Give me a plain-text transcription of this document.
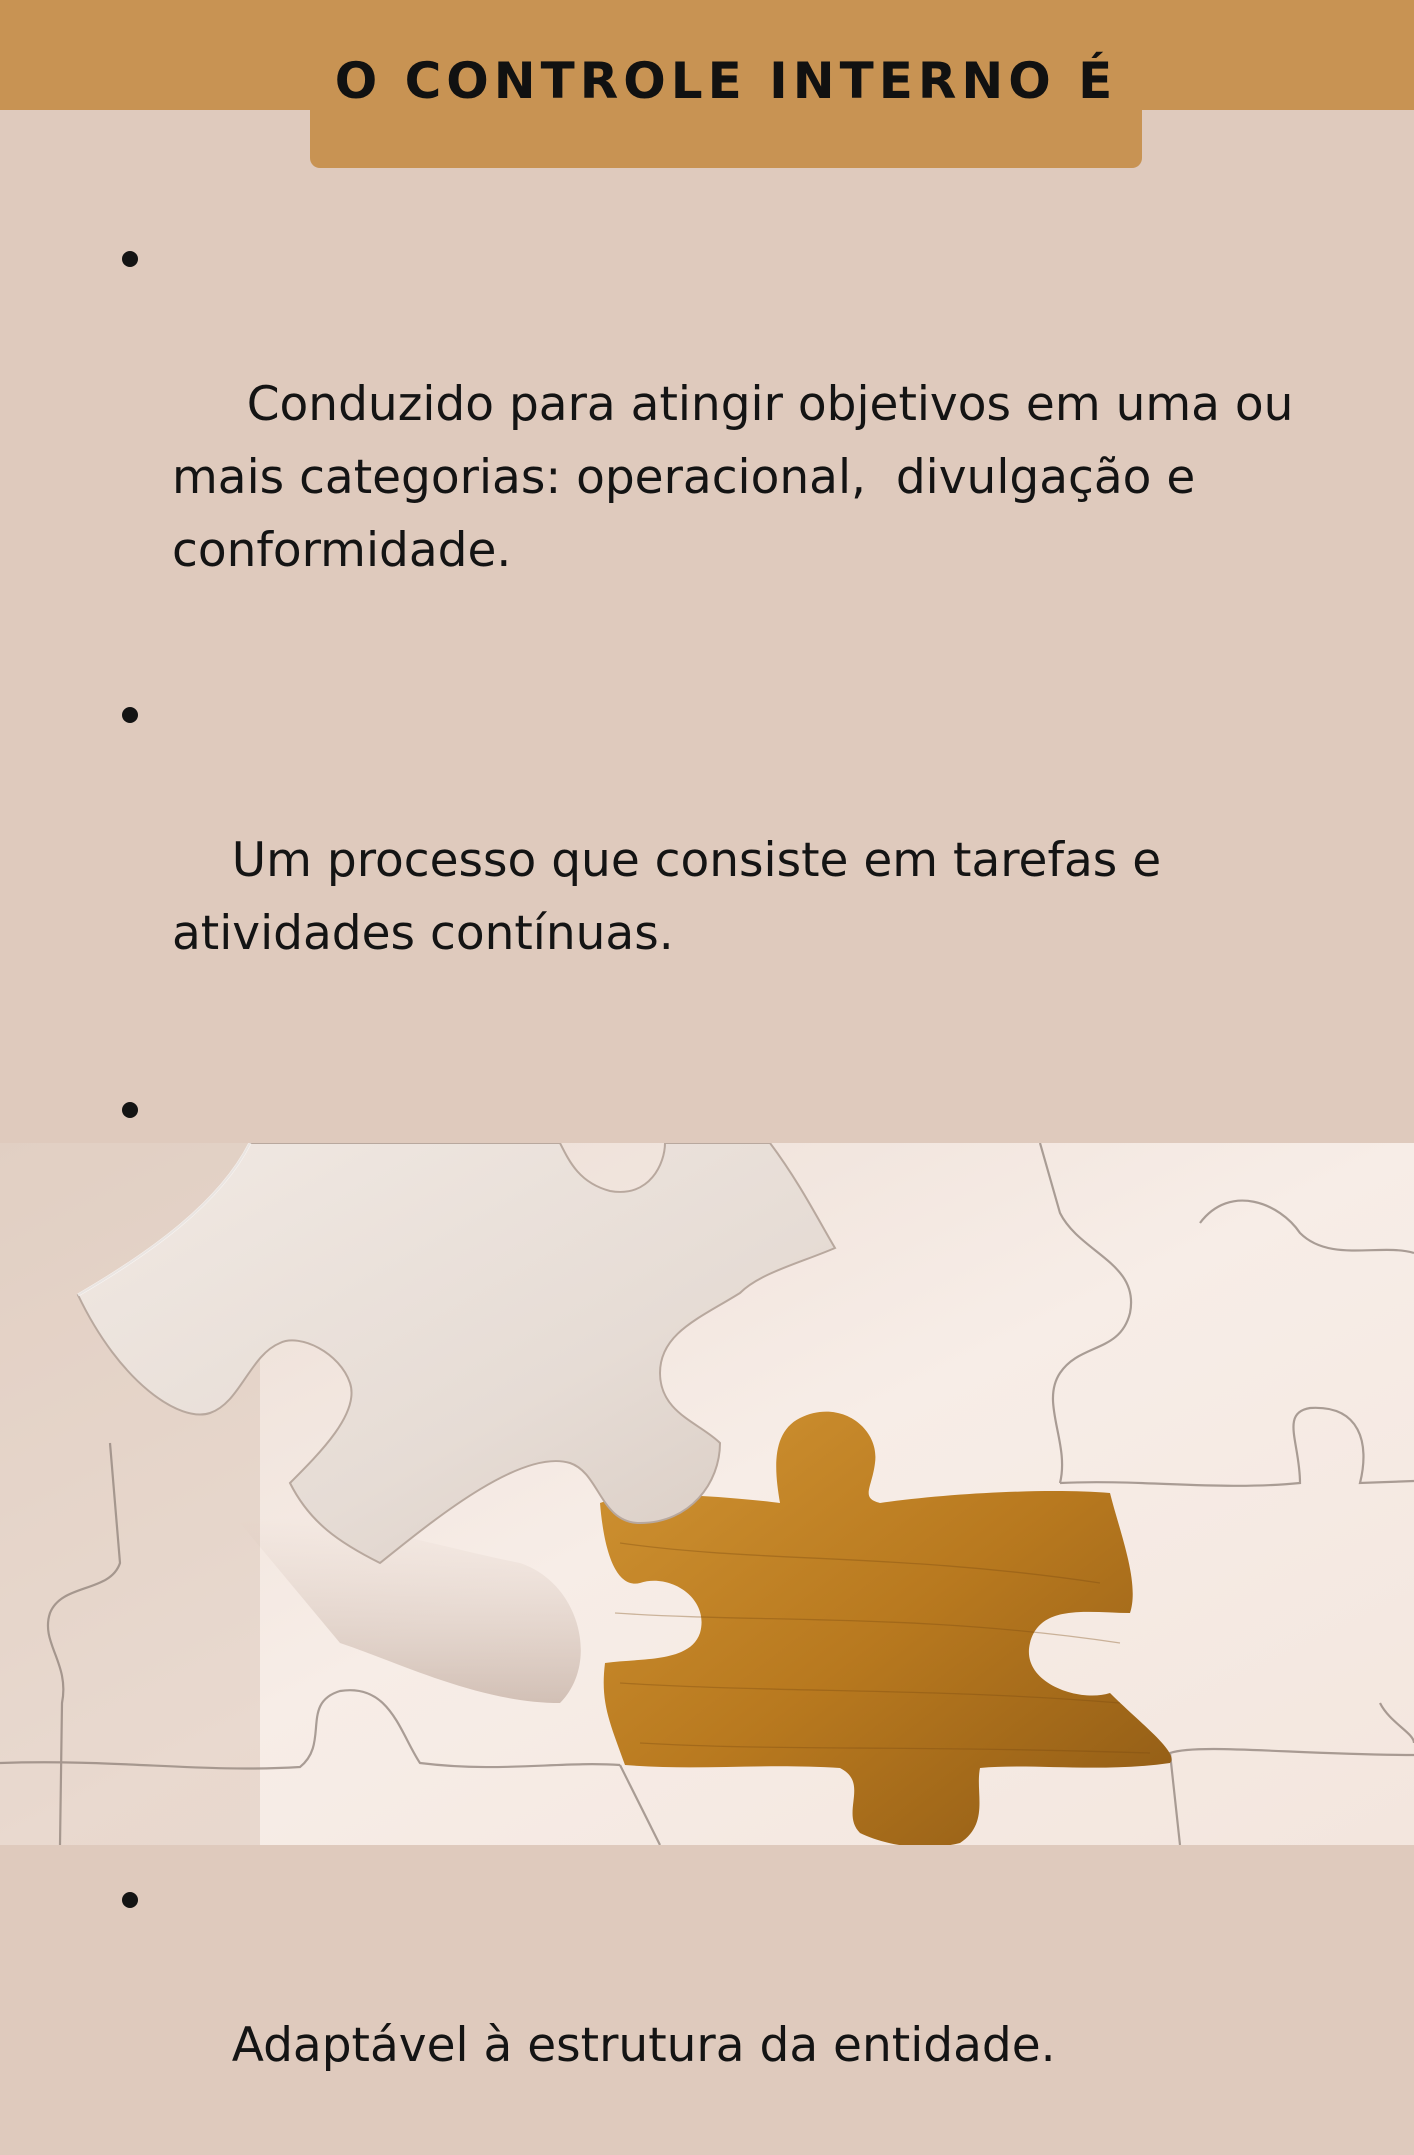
O CONTROLE INTERNO É

Conduzido para atingir objetivos em uma ou
mais categorias: operacional,  divulgação e
conformidade.

Um processo que consiste em tarefas e
atividades contínuas.

Adaptável à estrutura da entidade.
